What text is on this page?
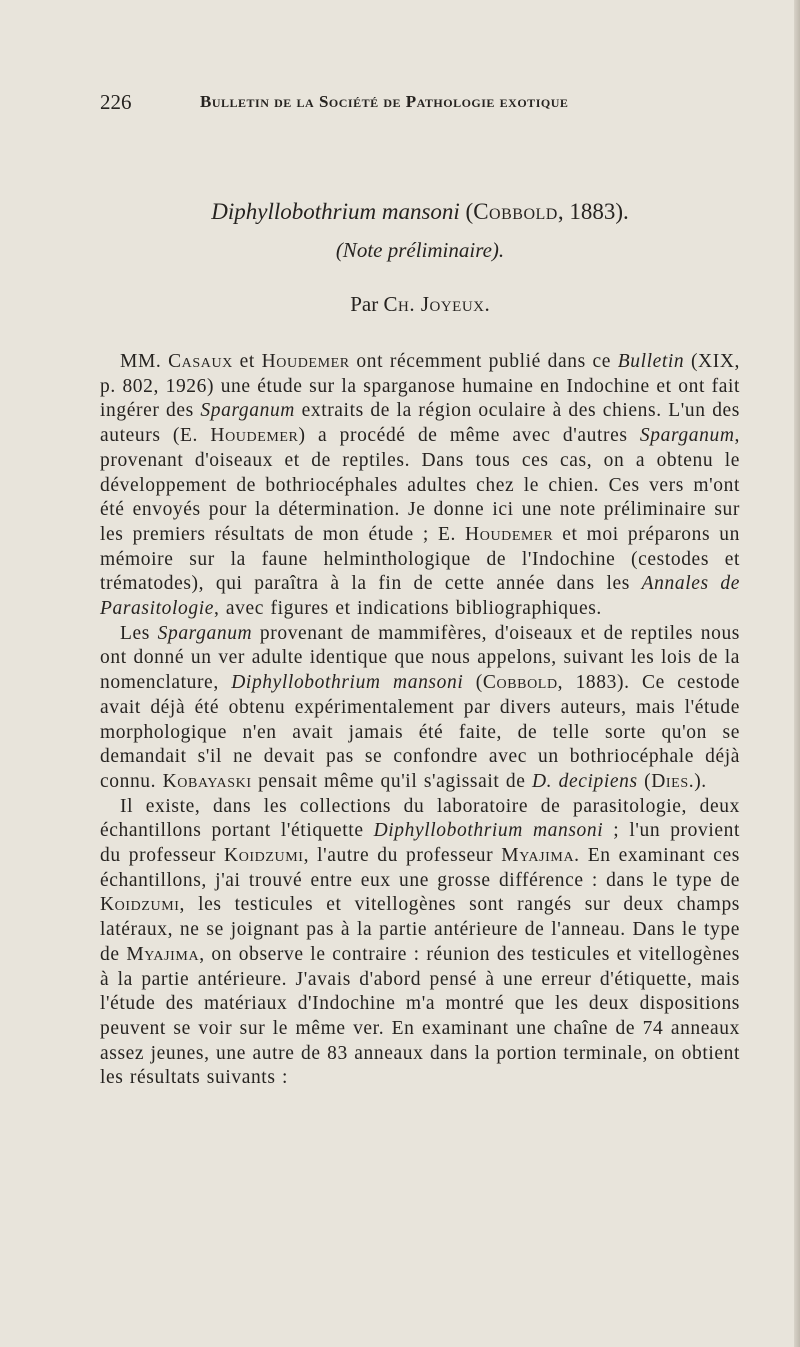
226	Bulletin de la Société de Pathologie exotique

Diphyllobothrium mansoni (Cobbold, 1883).

(Note préliminaire).
Par Ch. Joyeux.

MM. Casaux et Houdemer ont récemment publié dans ce Bulletin (XIX, p. 802, 1926) une étude sur la sparganose humaine en Indochine et ont fait ingérer des Sparganum extraits de la région oculaire à des chiens. L'un des auteurs (E. Houdemer) a procédé de même avec d'autres Sparganum, provenant d'oiseaux et de reptiles. Dans tous ces cas, on a obtenu le développement de bothriocéphales adultes chez le chien. Ces vers m'ont été envoyés pour la détermination. Je donne ici une note préliminaire sur les premiers résultats de mon étude ; E. Houdemer et moi préparons un mémoire sur la faune helminthologique de l'Indochine (cestodes et trématodes), qui paraîtra à la fin de cette année dans les Annales de Parasitologie, avec figures et indications bibliographiques.

Les Sparganum provenant de mammifères, d'oiseaux et de reptiles nous ont donné un ver adulte identique que nous appelons, suivant les lois de la nomenclature, Diphyllobothrium mansoni (Cobbold, 1883). Ce cestode avait déjà été obtenu expérimentalement par divers auteurs, mais l'étude morphologique n'en avait jamais été faite, de telle sorte qu'on se demandait s'il ne devait pas se confondre avec un bothriocéphale déjà connu. Kobayaski pensait même qu'il s'agissait de D. decipiens (Dies.).

Il existe, dans les collections du laboratoire de parasitologie, deux échantillons portant l'étiquette Diphyllobothrium mansoni ; l'un provient du professeur Koidzumi, l'autre du professeur Myajima. En examinant ces échantillons, j'ai trouvé entre eux une grosse différence : dans le type de Koidzumi, les testicules et vitellogènes sont rangés sur deux champs latéraux, ne se joignant pas à la partie antérieure de l'anneau. Dans le type de Myajima, on observe le contraire : réunion des testicules et vitellogènes à la partie antérieure. J'avais d'abord pensé à une erreur d'étiquette, mais l'étude des matériaux d'Indochine m'a montré que les deux dispositions peuvent se voir sur le même ver. En examinant une chaîne de 74 anneaux assez jeunes, une autre de 83 anneaux dans la portion terminale, on obtient les résultats suivants :
